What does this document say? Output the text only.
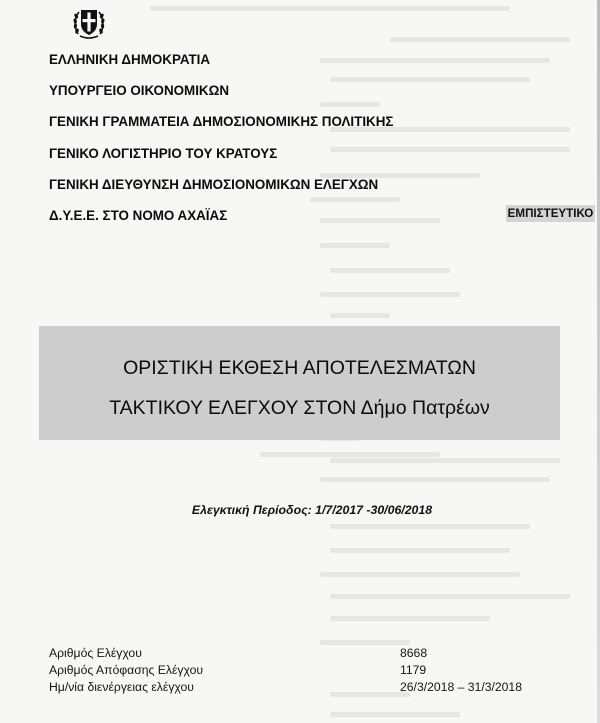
ΕΛΛΗΝΙΚΗ ΔΗΜΟΚΡΑΤΙΑ
ΥΠΟΥΡΓΕΙΟ ΟΙΚΟΝΟΜΙΚΩΝ
ΓΕΝΙΚΗ ΓΡΑΜΜΑΤΕΙΑ ΔΗΜΟΣΙΟΝΟΜΙΚΗΣ ΠΟΛΙΤΙΚΗΣ
ΓΕΝΙΚΟ ΛΟΓΙΣΤΗΡΙΟ ΤΟΥ ΚΡΑΤΟΥΣ
ΓΕΝΙΚΗ ΔΙΕΥΘΥΝΣΗ ΔΗΜΟΣΙΟΝΟΜΙΚΩΝ ΕΛΕΓΧΩΝ
Δ.Υ.Ε.Ε. ΣΤΟ ΝΟΜΟ ΑΧΑΪΑΣ	ΕΜΠΙΣΤΕΥΤΙΚΟ
ΟΡΙΣΤΙΚΗ ΕΚΘΕΣΗ ΑΠΟΤΕΛΕΣΜΑΤΩΝ
ΤΑΚΤΙΚΟΥ ΕΛΕΓΧΟΥ ΣΤΟΝ Δήμο Πατρέων
Ελεγκτική Περίοδος: 1/7/2017 -30/06/2018
Αριθμός Ελέγχου	8668
Αριθμός Απόφασης Ελέγχου	1179
Ημ/νία διενέργειας ελέγχου	26/3/2018 – 31/3/2018
